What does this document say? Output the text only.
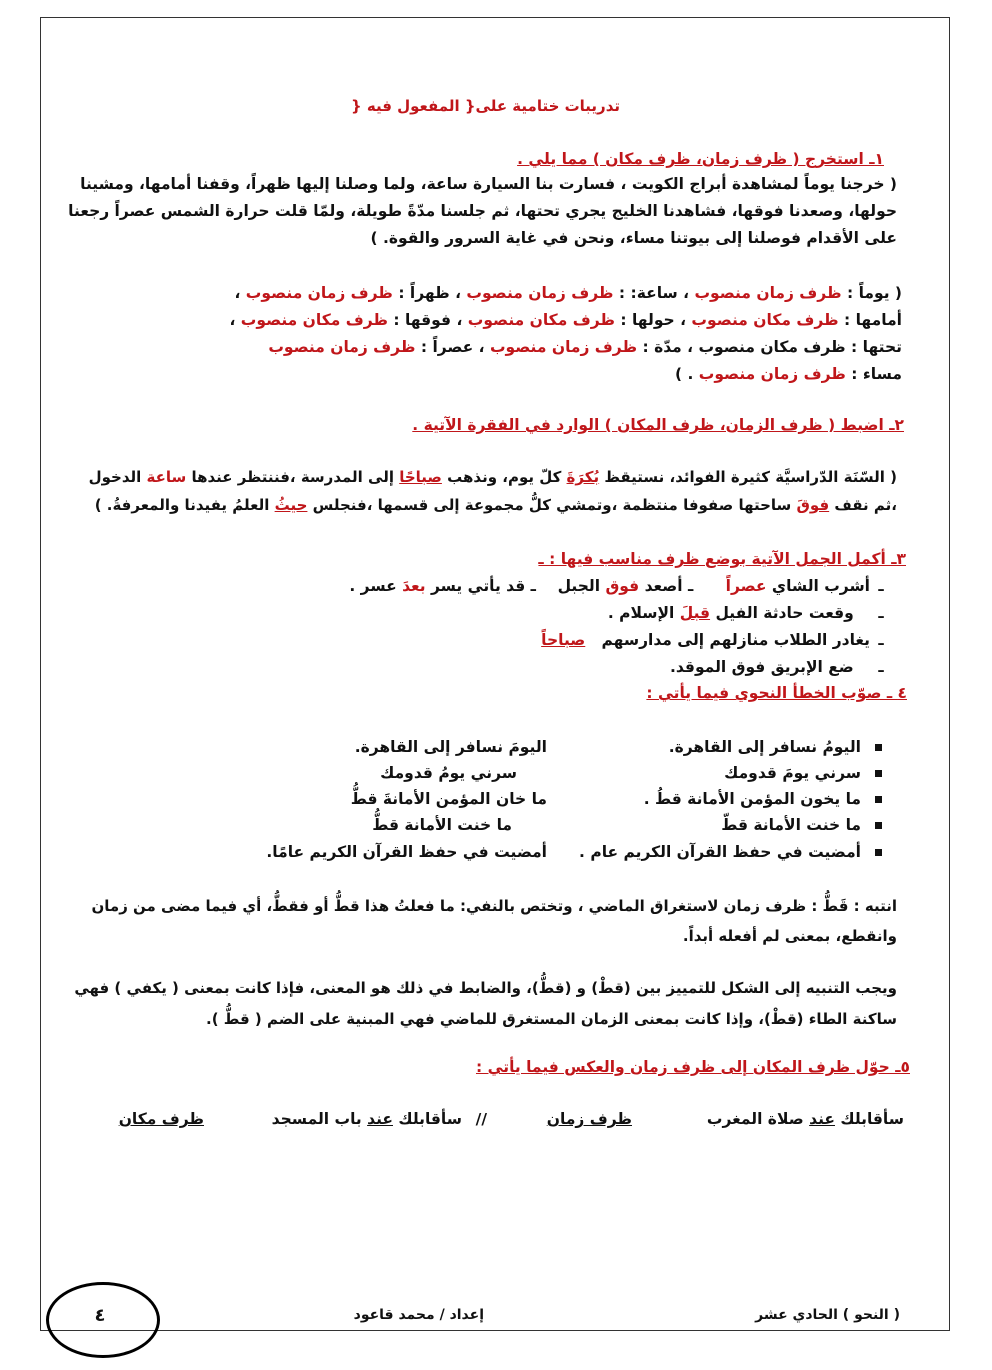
تدريبات ختامية على{ المفعول فيه {
١ـ استخرج ( ظرف زمان، ظرف مكان ) مما يلي .
( خرجنا يوماً لمشاهدة أبراج الكويت ، فسارت بنا السيارة ساعة، ولما وصلنا إليها ظهراً، وقفنا أمامها، ومشينا
حولها، وصعدنا فوقها، فشاهدنا الخليج يجري تحتها، ثم جلسنا مدّةً طويلة، ولمّا قلت حرارة الشمس عصراً رجعنا
على الأقدام فوصلنا إلى بيوتنا مساء، ونحن في غاية السرور والقوة. )
( يوماً : ظرف زمان منصوب ، ساعة: : ظرف زمان منصوب ، ظهراً : ظرف زمان منصوب ،
أمامها : ظرف مكان منصوب ، حولها : ظرف مكان منصوب ، فوقها : ظرف مكان منصوب ،
تحتها : ظرف مكان منصوب ، مدّة : ظرف زمان منصوب ، عصراً : ظرف زمان منصوب
مساء : ظرف زمان منصوب . )
٢ـ اضبط ( ظرف الزمان، ظرف المكان ) الوارد في الفقرة الآتية .
( السّنَة الدّراسيَّة كثيرة الفوائد، نستيقظ بُكرَةَ كلّ يوم، ونذهب صباحًا إلى المدرسة ،فننتظر عندها ساعة الدخول
،ثم نقف فوقَ ساحتها صفوفا منتظمة ،وتمشي كلُّ مجموعة إلى قسمها ،فنجلس حيثُ العلمُ يفيدنا والمعرفةُ. )
٣ـ أكمل الجمل الآتية بوضع ظرف مناسب فيها : ـ
ـأشرب الشاي عصراً      ـ أصعد فوق الجبل    ـ قد يأتي يسر بعدَ عسر .
ـ   وقعت حادثة الفيل قبلَ الإسلام .
ـيغادر الطلاب منازلهم إلى مدارسهم   صباحاً
ـ   ضع الإبريق فوق الموقد.
٤ ـ صوّب الخطأ النحوي فيما يأتي :
اليومُ نسافر إلى القاهرة.
اليومَ نسافر إلى القاهرة.
سرني يومَ قدومك
سرني يومُ قدومك
ما يخون المؤمن الأمانة قطُ .
ما خان المؤمن الأمانةَ قطُّ
ما خنت الأمانة قطّ
ما خنت الأمانة قطُّ
أمضيت في حفظ القرآن الكريم عام .
أمضيت في حفظ القرآن الكريم عامًا.
انتبه : قَطُّ : ظرف زمان لاستغراق الماضي ، وتختص بالنفي: ما فعلتُ هذا قطُّ أو فقطُّ، أي فيما مضى من زمان
وانقطع، بمعنى لم أفعله أبداً.
ويجب التنبيه إلى الشكل للتمييز بين (قطْ) و (قطُّ)، والضابط في ذلك هو المعنى، فإذا كانت بمعنى ( يكفي ) فهي
ساكنة الطاء (قطْ)، وإذا كانت بمعنى الزمان المستغرق للماضي فهي المبنية على الضم ( قطُّ ).
٥ـ حوّل ظرف المكان إلى ظرف زمان والعكس فيما يأتي :
سأقابلك عند صلاة المغرب
ظرف زمان
//
سأقابلك عند باب المسجد
ظرف مكان
( النحو ) الحادي عشر
إعداد / محمد قاعود
٤
